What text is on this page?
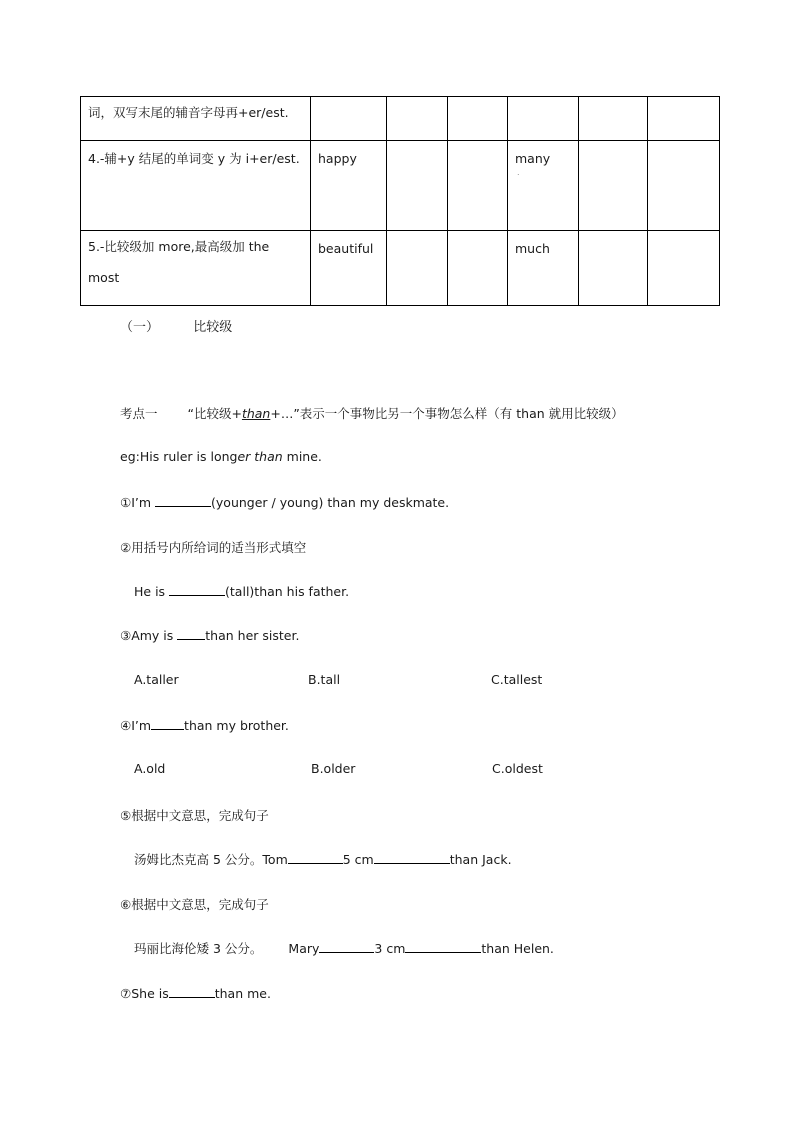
词，双写末尾的辅音字母再+er/est.						

4.-辅+y 结尾的单词变 y 为 i+er/est.	happy			many
.		

5.-比较级加 more,最高级加 the most	beautiful			much		

（一）	比较级
考点一 “比较级+than+…”表示一个事物比另一个事物怎么样（有 than 就用比较级）
eg:His ruler is longer than mine.
①I’m	(younger / young) than my deskmate.
②用括号内所给词的适当形式填空
He is	(tall)than his father.
③Amy is than her sister.
A.taller	B.tall	C.tallest
④I’m	than my brother.
A.old	B.older	C.oldest
⑤根据中文意思，完成句子
汤姆比杰克高 5 公分。Tom	5 cm	than Jack.
⑥根据中文意思，完成句子
玛丽比海伦矮 3 公分。 Mary	3 cm	than Helen.
⑦She is	than me.
